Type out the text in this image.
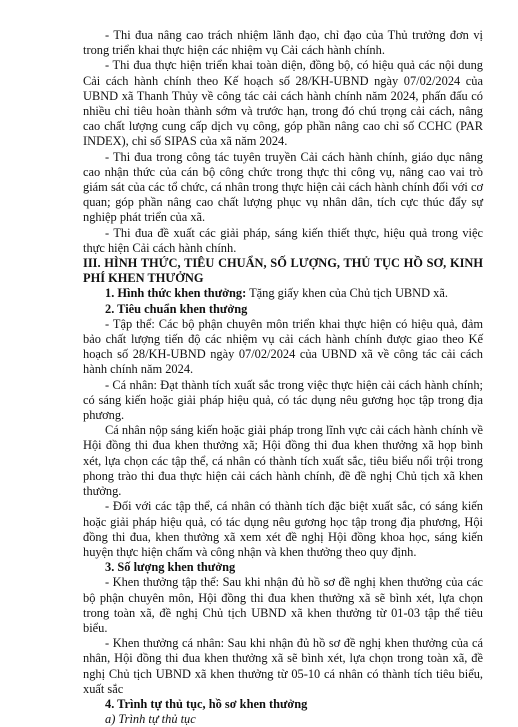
- Thi đua nâng cao trách nhiệm lãnh đạo, chỉ đạo của Thủ trưởng đơn vị trong triển khai thực hiện các nhiệm vụ Cải cách hành chính.

- Thi đua thực hiện triển khai toàn diện, đồng bộ, có hiệu quả các nội dung Cải cách hành chính theo Kế hoạch số 28/KH-UBND ngày 07/02/2024 của UBND xã Thanh Thủy về công tác cải cách hành chính năm 2024, phấn đấu có nhiều chỉ tiêu hoàn thành sớm và trước hạn, trong đó chú trọng cải cách, nâng cao chất lượng cung cấp dịch vụ công, góp phần nâng cao chỉ số CCHC (PAR INDEX), chỉ số SIPAS của xã năm 2024.

- Thi đua trong công tác tuyên truyền Cải cách hành chính, giáo dục nâng cao nhận thức của cán bộ công chức trong thực thi công vụ, nâng cao vai trò giám sát của các tổ chức, cá nhân trong thực hiện cải cách hành chính đối với cơ quan; góp phần nâng cao chất lượng phục vụ nhân dân, tích cực thúc đẩy sự nghiệp phát triển của xã.

- Thi đua đề xuất các giải pháp, sáng kiến thiết thực, hiệu quả trong việc thực hiện Cải cách hành chính.

III. HÌNH THỨC, TIÊU CHUẨN, SỐ LƯỢNG, THỦ TỤC HỒ SƠ, KINH PHÍ KHEN THƯỞNG

1. Hình thức khen thưởng: Tặng giấy khen của Chủ tịch UBND xã.

2. Tiêu chuẩn khen thưởng

- Tập thể: Các bộ phận chuyên môn triển khai thực hiện có hiệu quả, đảm bảo chất lượng tiến độ các nhiệm vụ cải cách hành chính được giao theo Kế hoạch số 28/KH-UBND ngày 07/02/2024 của UBND xã về công tác cải cách hành chính năm 2024.

- Cá nhân: Đạt thành tích xuất sắc trong việc thực hiện cải cách hành chính; có sáng kiến hoặc giải pháp hiệu quả, có tác dụng nêu gương học tập trong địa phương.

Cá nhân nộp sáng kiến hoặc giải pháp trong lĩnh vực cải cách hành chính về Hội đồng thi đua khen thưởng xã; Hội đồng thi đua khen thưởng xã họp bình xét, lựa chọn các tập thể, cá nhân có thành tích xuất sắc, tiêu biểu nổi trội trong phong trào thi đua thực hiện cải cách hành chính, đề đề nghị Chủ tịch xã khen thưởng.

- Đối với các tập thể, cá nhân có thành tích đặc biệt xuất sắc, có sáng kiến hoặc giải pháp hiệu quả, có tác dụng nêu gương học tập trong địa phương, Hội đồng thi đua, khen thưởng xã xem xét đề nghị Hội đồng khoa học, sáng kiến huyện thực hiện chấm và công nhận và khen thưởng theo quy định.

3. Số lượng khen thưởng

- Khen thưởng tập thể: Sau khi nhận đủ hồ sơ đề nghị khen thưởng của các bộ phận chuyên môn, Hội đồng thi đua khen thưởng xã sẽ bình xét, lựa chọn trong toàn xã, đề nghị Chủ tịch UBND xã khen thưởng từ 01-03 tập thể tiêu biểu.

- Khen thưởng cá nhân: Sau khi nhận đủ hồ sơ đề nghị khen thưởng của cá nhân, Hội đồng thi đua khen thưởng xã sẽ bình xét, lựa chọn trong toàn xã, đề nghị Chủ tịch UBND xã khen thưởng từ 05-10 cá nhân có thành tích tiêu biểu, xuất sắc

4. Trình tự thủ tục, hồ sơ khen thưởng

a) Trình tự thủ tục
